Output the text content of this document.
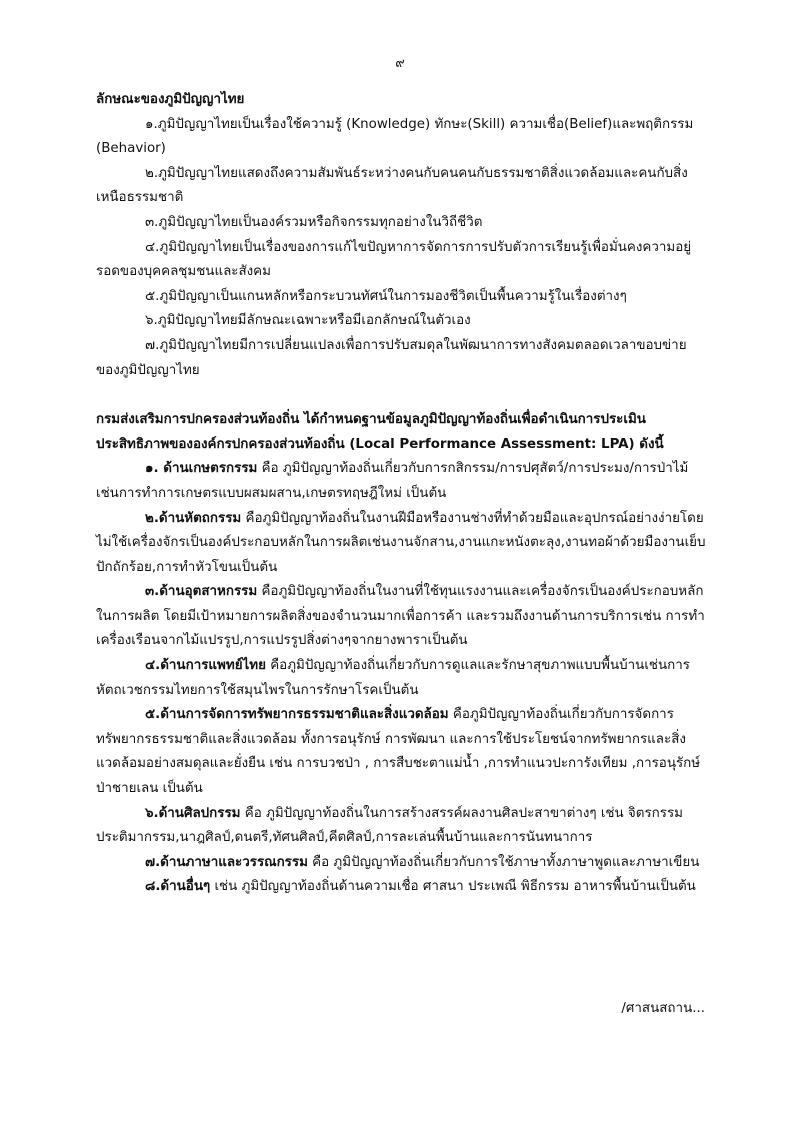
๙

ลักษณะของภูมิปัญญาไทย

๑.ภูมิปัญญาไทยเป็นเรื่องใช้ความรู้ (Knowledge) ทักษะ(Skill) ความเชื่อ(Belief)และพฤติกรรม (Behavior)

๒.ภูมิปัญญาไทยแสดงถึงความสัมพันธ์ระหว่างคนกับคนคนกับธรรมชาติสิ่งแวดล้อมและคนกับสิ่งเหนือธรรมชาติ

๓.ภูมิปัญญาไทยเป็นองค์รวมหรือกิจกรรมทุกอย่างในวิถีชีวิต

๔.ภูมิปัญญาไทยเป็นเรื่องของการแก้ไขปัญหาการจัดการการปรับตัวการเรียนรู้เพื่อมั่นคงความอยู่รอดของบุคคลชุมชนและสังคม

๕.ภูมิปัญญาเป็นแกนหลักหรือกระบวนทัศน์ในการมองชีวิตเป็นพื้นความรู้ในเรื่องต่างๆ

๖.ภูมิปัญญาไทยมีลักษณะเฉพาะหรือมีเอกลักษณ์ในตัวเอง

๗.ภูมิปัญญาไทยมีการเปลี่ยนแปลงเพื่อการปรับสมดุลในพัฒนาการทางสังคมตลอดเวลาขอบข่ายของภูมิปัญญาไทย

กรมส่งเสริมการปกครองส่วนท้องถิ่น ได้กำหนดฐานข้อมูลภูมิปัญญาท้องถิ่นเพื่อดำเนินการประเมินประสิทธิภาพขององค์กรปกครองส่วนท้องถิ่น (Local Performance Assessment: LPA) ดังนี้

๑. ด้านเกษตรกรรม คือ ภูมิปัญญาท้องถิ่นเกี่ยวกับการกสิกรรม/การปศุสัตว์/การประมง/การป่าไม้ เช่นการทำการเกษตรแบบผสมผสาน,เกษตรทฤษฎีใหม่ เป็นต้น

๒.ด้านหัตถกรรม คือภูมิปัญญาท้องถิ่นในงานฝีมือหรืองานช่างที่ทำด้วยมือและอุปกรณ์อย่างง่ายโดยไม่ใช้เครื่องจักรเป็นองค์ประกอบหลักในการผลิตเช่นงานจักสาน,งานแกะหนังตะลุง,งานทอผ้าด้วยมืองานเย็บปักถักร้อย,การทำหัวโขนเป็นต้น

๓.ด้านอุตสาหกรรม คือภูมิปัญญาท้องถิ่นในงานที่ใช้ทุนแรงงานและเครื่องจักรเป็นองค์ประกอบหลักในการผลิต โดยมีเป้าหมายการผลิตสิ่งของจำนวนมากเพื่อการค้า และรวมถึงงานด้านการบริการเช่น การทำเครื่องเรือนจากไม้แปรรูป,การแปรรูปสิ่งต่างๆจากยางพาราเป็นต้น

๔.ด้านการแพทย์ไทย คือภูมิปัญญาท้องถิ่นเกี่ยวกับการดูแลและรักษาสุขภาพแบบพื้นบ้านเช่นการหัตถเวชกรรมไทยการใช้สมุนไพรในการรักษาโรคเป็นต้น

๕.ด้านการจัดการทรัพยากรธรรมชาติและสิ่งแวดล้อม คือภูมิปัญญาท้องถิ่นเกี่ยวกับการจัดการทรัพยากรธรรมชาติและสิ่งแวดล้อม ทั้งการอนุรักษ์ การพัฒนา และการใช้ประโยชน์จากทรัพยากรและสิ่งแวดล้อมอย่างสมดุลและยั่งยืน เช่น การบวชป่า , การสืบชะตาแม่น้ำ ,การทำแนวปะการังเทียม ,การอนุรักษ์ป่าชายเลน เป็นต้น

๖.ด้านศิลปกรรม คือ ภูมิปัญญาท้องถิ่นในการสร้างสรรค์ผลงานศิลปะสาขาต่างๆ เช่น จิตรกรรม ประติมากรรม,นาฎศิลป์,ดนตรี,ทัศนศิลป์,คีตศิลป์,การละเล่นพื้นบ้านและการนันทนาการ

๗.ด้านภาษาและวรรณกรรม คือ ภูมิปัญญาท้องถิ่นเกี่ยวกับการใช้ภาษาทั้งภาษาพูดและภาษาเขียน

๘.ด้านอื่นๆ เช่น ภูมิปัญญาท้องถิ่นด้านความเชื่อ ศาสนา ประเพณี พิธีกรรม อาหารพื้นบ้านเป็นต้น

/ศาสนสถาน...
